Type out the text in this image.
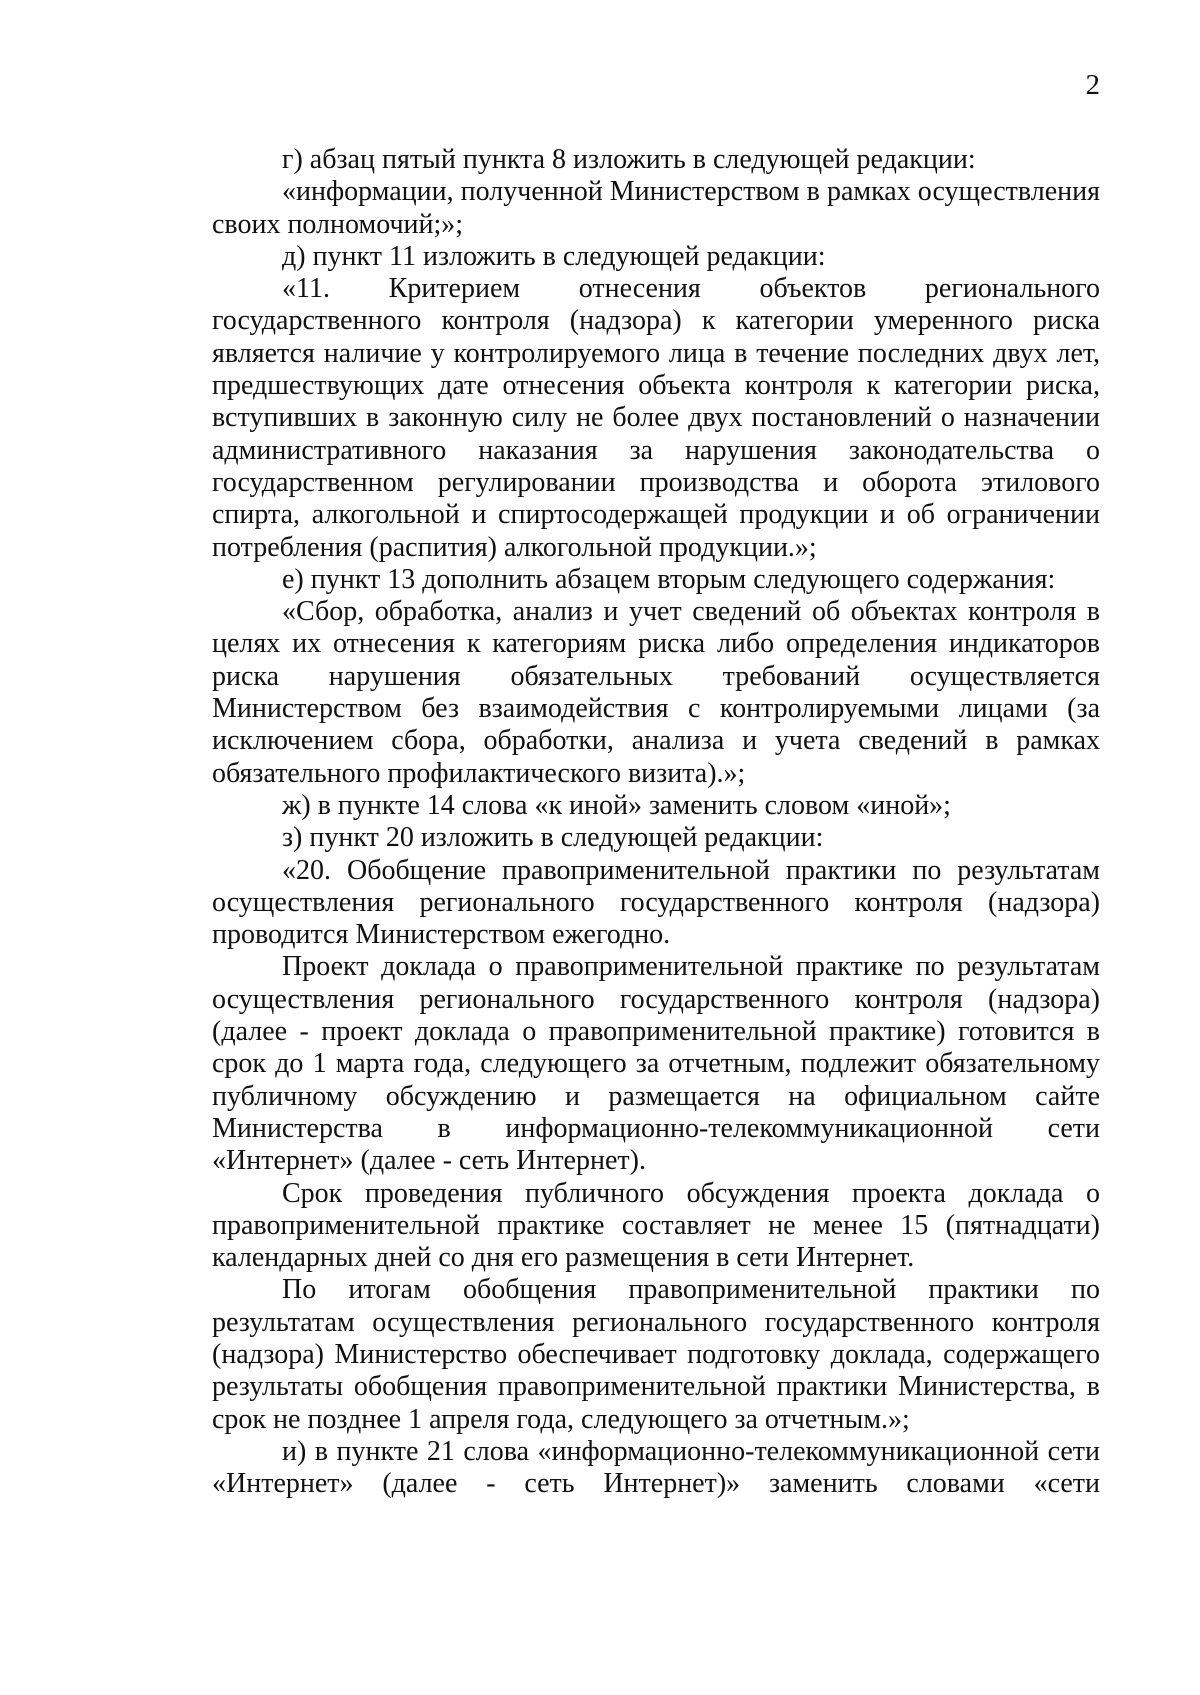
2

г) абзац пятый пункта 8 изложить в следующей редакции:

«информации, полученной Министерством в рамках осуществления своих полномочий;»;

д) пункт 11 изложить в следующей редакции:

«11. Критерием отнесения объектов регионального государственного контроля (надзора) к категории умеренного риска является наличие у контролируемого лица в течение последних двух лет, предшествующих дате отнесения объекта контроля к категории риска, вступивших в законную силу не более двух постановлений о назначении административного наказания за нарушения законодательства о государственном регулировании производства и оборота этилового спирта, алкогольной и спиртосодержащей продукции и об ограничении потребления (распития) алкогольной продукции.»;

е) пункт 13 дополнить абзацем вторым следующего содержания:

«Сбор, обработка, анализ и учет сведений об объектах контроля в целях их отнесения к категориям риска либо определения индикаторов риска нарушения обязательных требований осуществляется Министерством без взаимодействия с контролируемыми лицами (за исключением сбора, обработки, анализа и учета сведений в рамках обязательного профилактического визита).»;

ж) в пункте 14 слова «к иной» заменить словом «иной»;

з) пункт 20 изложить в следующей редакции:

«20. Обобщение правоприменительной практики по результатам осуществления регионального государственного контроля (надзора) проводится Министерством ежегодно.

Проект доклада о правоприменительной практике по результатам осуществления регионального государственного контроля (надзора) (далее - проект доклада о правоприменительной практике) готовится в срок до 1 марта года, следующего за отчетным, подлежит обязательному публичному обсуждению и размещается на официальном сайте Министерства в информационно-телекоммуникационной сети «Интернет» (далее - сеть Интернет).

Срок проведения публичного обсуждения проекта доклада о правоприменительной практике составляет не менее 15 (пятнадцати) календарных дней со дня его размещения в сети Интернет.

По итогам обобщения правоприменительной практики по результатам осуществления регионального государственного контроля (надзора) Министерство обеспечивает подготовку доклада, содержащего результаты обобщения правоприменительной практики Министерства, в срок не позднее 1 апреля года, следующего за отчетным.»;

и) в пункте 21 слова «информационно-телекоммуникационной сети «Интернет» (далее - сеть Интернет)» заменить словами «сети
